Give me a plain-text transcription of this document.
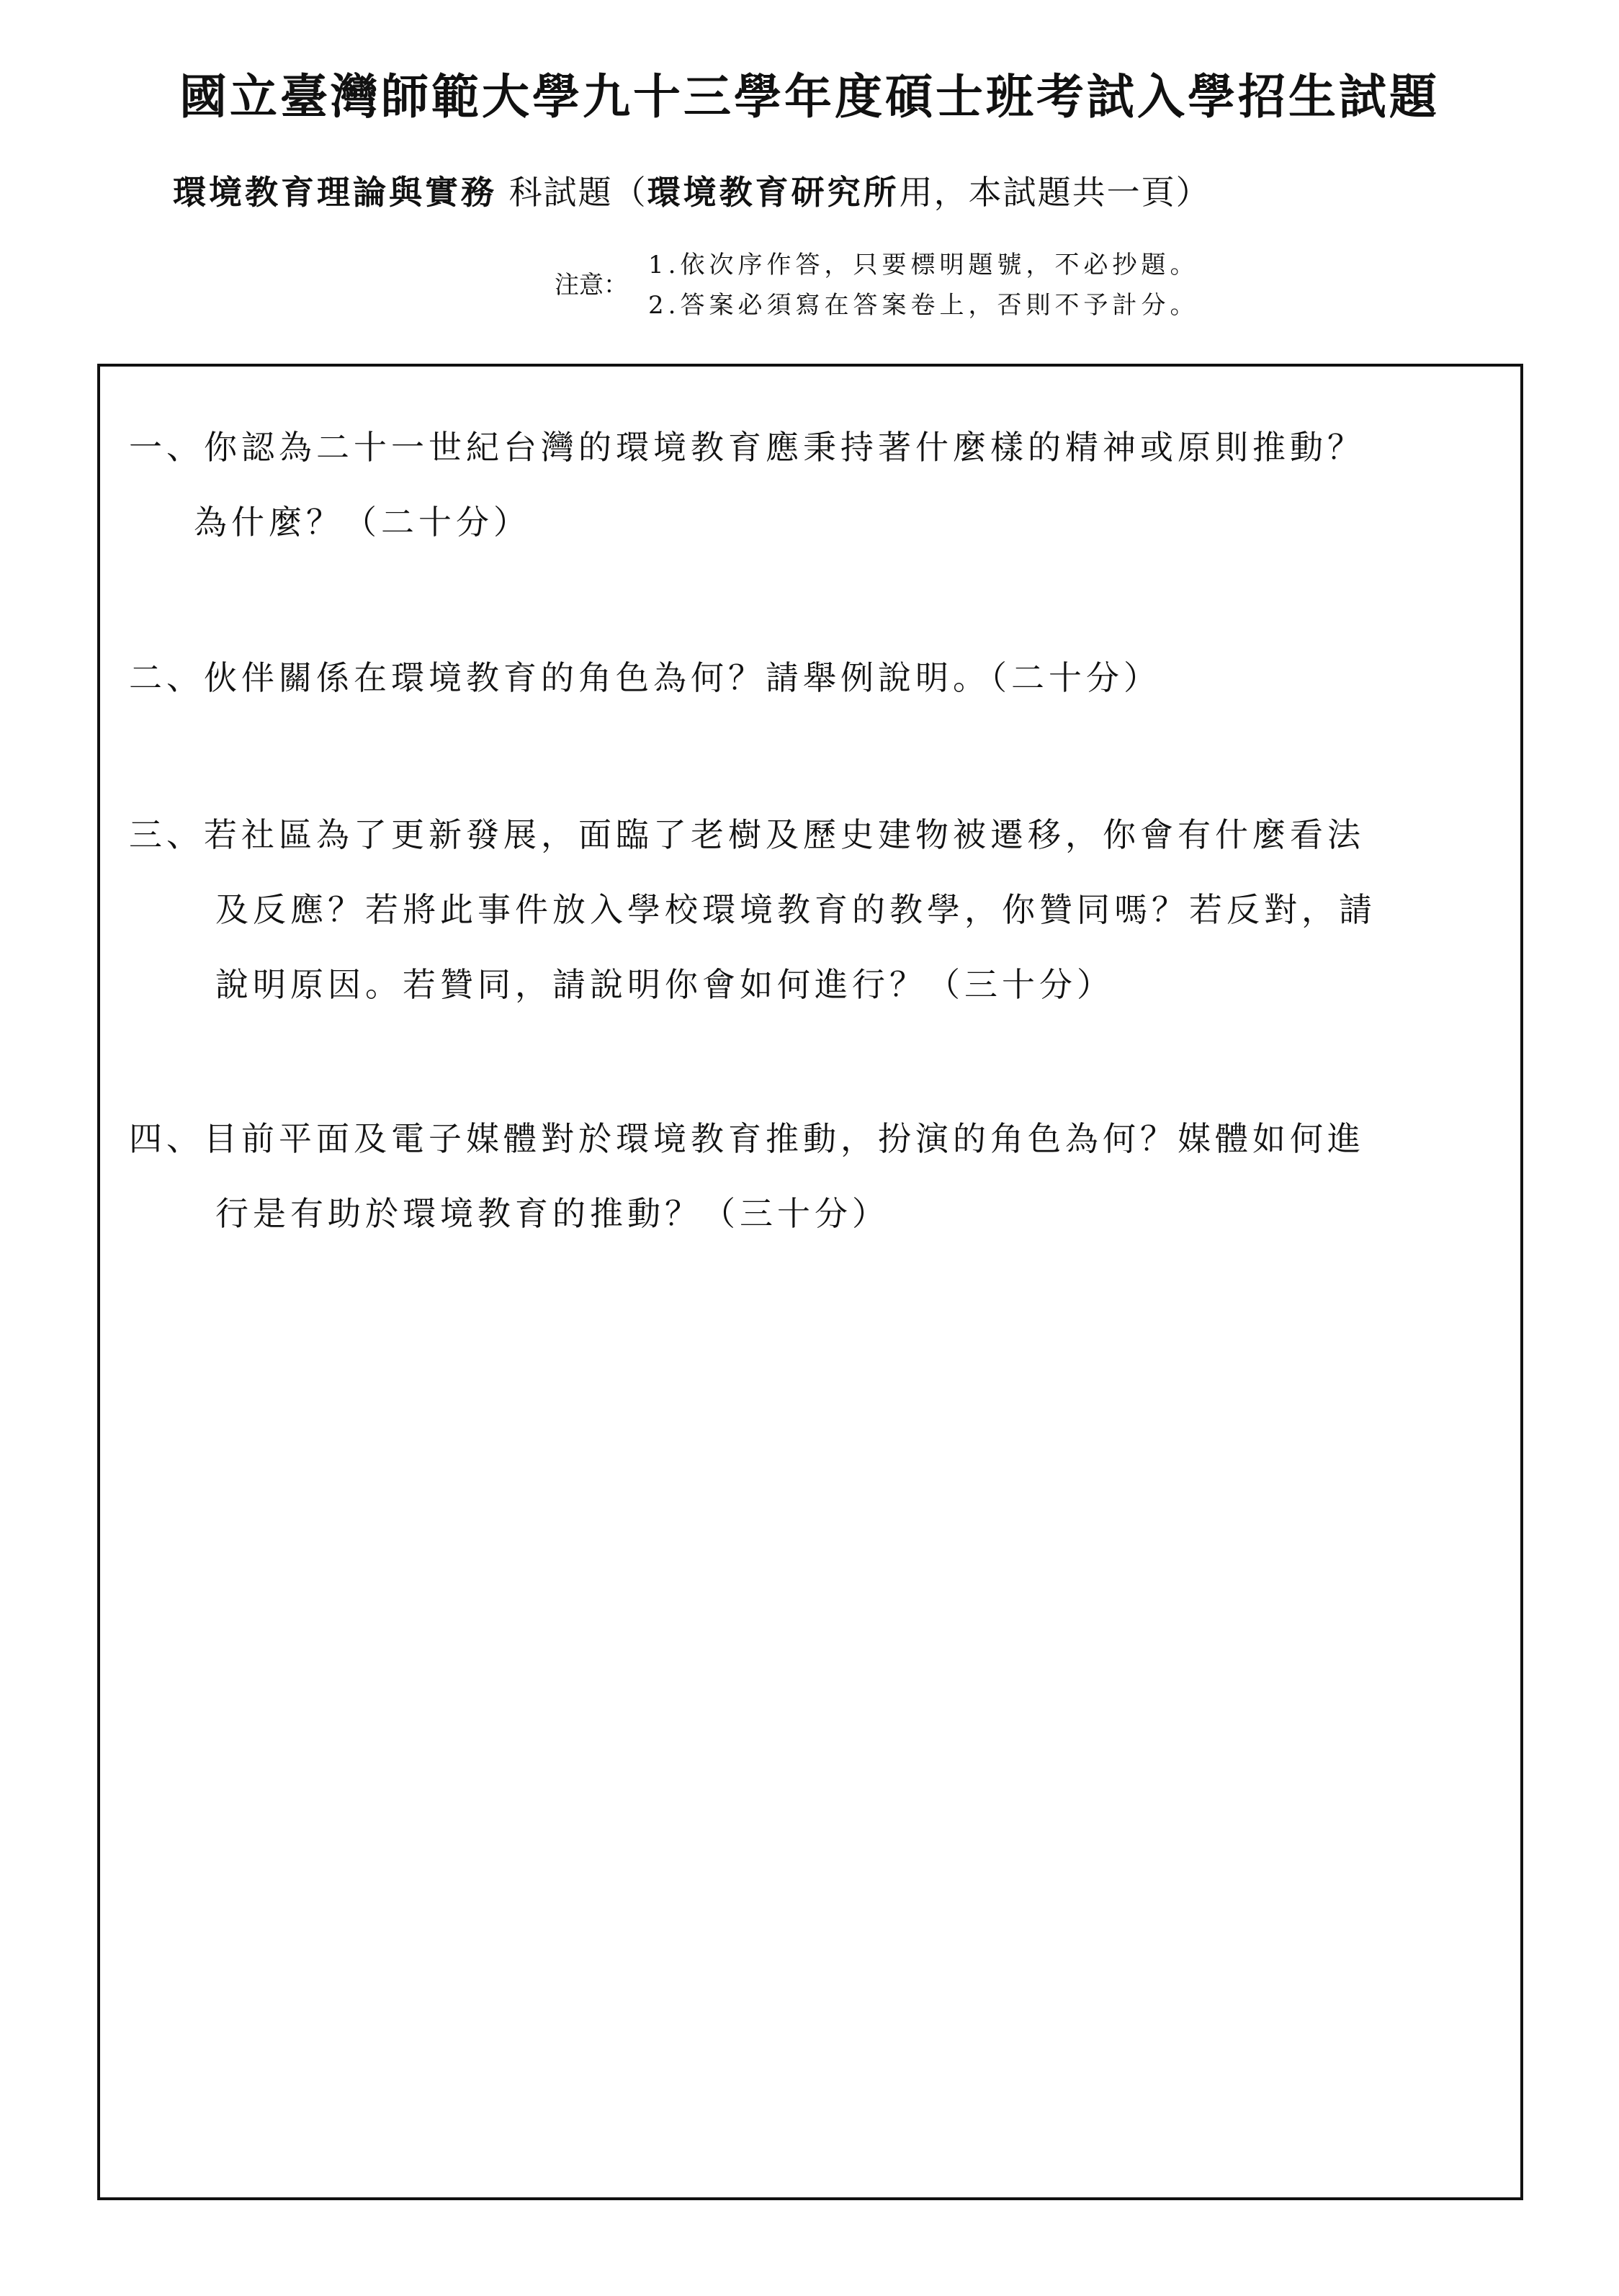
國立臺灣師範大學九十三學年度碩士班考試入學招生試題
環境教育理論與實務 科試題（環境教育研究所用，本試題共一頁）
注意：
1.依次序作答，只要標明題號，不必抄題。
2.答案必須寫在答案卷上，否則不予計分。
一、你認為二十一世紀台灣的環境教育應秉持著什麼樣的精神或原則推動？
為什麼？（二十分）
二、伙伴關係在環境教育的角色為何？請舉例說明。（二十分）
三、若社區為了更新發展，面臨了老樹及歷史建物被遷移，你會有什麼看法
及反應？若將此事件放入學校環境教育的教學，你贊同嗎？若反對，請
說明原因。若贊同，請說明你會如何進行？（三十分）
四、目前平面及電子媒體對於環境教育推動，扮演的角色為何？媒體如何進
行是有助於環境教育的推動？（三十分）
